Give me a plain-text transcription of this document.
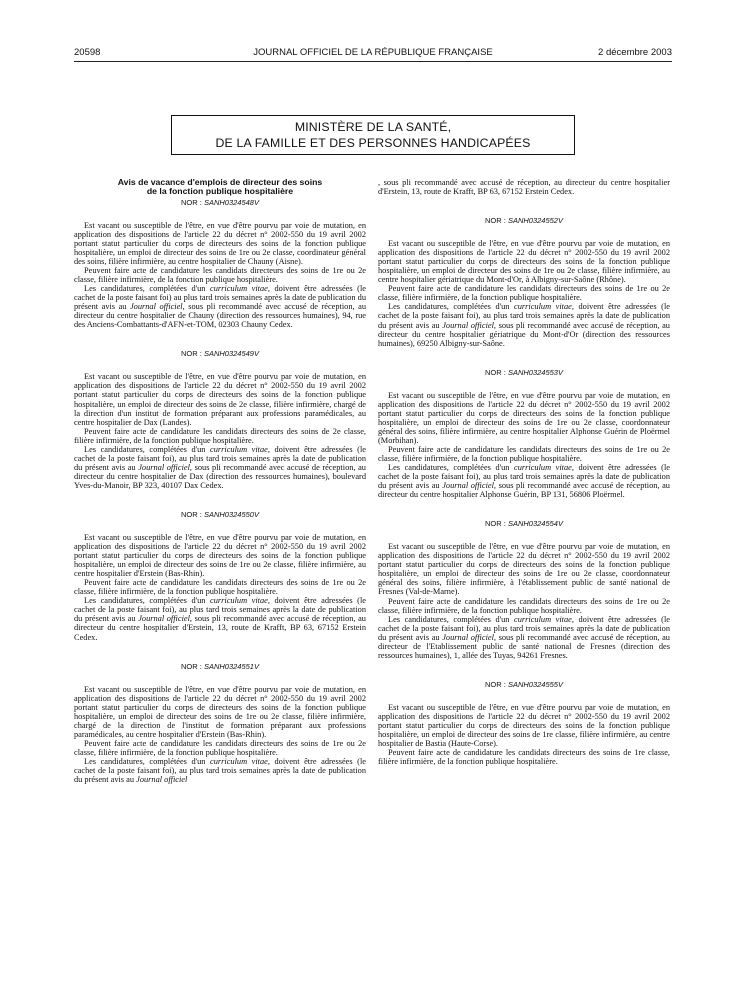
20598	JOURNAL OFFICIEL DE LA RÉPUBLIQUE FRANÇAISE	2 décembre 2003
MINISTÈRE DE LA SANTÉ,
DE LA FAMILLE ET DES PERSONNES HANDICAPÉES
Avis de vacance d'emplois de directeur des soins
de la fonction publique hospitalière
NOR : SANH0324548V

Est vacant ou susceptible de l'être, en vue d'être pourvu par voie de mutation, en application des dispositions de l'article 22 du décret n° 2002-550 du 19 avril 2002 portant statut particulier du corps de directeurs des soins de la fonction publique hospitalière, un emploi de directeur des soins de 1re ou 2e classe, coordinateur général des soins, filière infirmière, au centre hospitalier de Chauny (Aisne).

Peuvent faire acte de candidature les candidats directeurs des soins de 1re ou 2e classe, filière infirmière, de la fonction publique hospitalière.

Les candidatures, complétées d'un curriculum vitae, doivent être adressées (le cachet de la poste faisant foi) au plus tard trois semaines après la date de publication du présent avis au Journal officiel, sous pli recommandé avec accusé de réception, au directeur du centre hospitalier de Chauny (direction des ressources humaines), 94, rue des Anciens-Combattants-d'AFN-et-TOM, 02303 Chauny Cedex.

NOR : SANH0324549V

Est vacant ou susceptible de l'être, en vue d'être pourvu par voie de mutation, en application des dispositions de l'article 22 du décret n° 2002-550 du 19 avril 2002 portant statut particulier du corps de directeurs des soins de la fonction publique hospitalière, un emploi de directeur des soins de 2e classe, filière infirmière, chargé de la direction d'un institut de formation préparant aux professions paramédicales, au centre hospitalier de Dax (Landes).

Peuvent faire acte de candidature les candidats directeurs des soins de 2e classe, filière infirmière, de la fonction publique hospitalière.

Les candidatures, complétées d'un curriculum vitae, doivent être adressées (le cachet de la poste faisant foi), au plus tard trois semaines après la date de publication du présent avis au Journal officiel, sous pli recommandé avec accusé de réception, au directeur du centre hospitalier de Dax (direction des ressources humaines), boulevard Yves-du-Manoir, BP 323, 40107 Dax Cedex.

NOR : SANH0324550V

Est vacant ou susceptible de l'être, en vue d'être pourvu par voie de mutation, en application des dispositions de l'article 22 du décret n° 2002-550 du 19 avril 2002 portant statut particulier du corps de directeurs des soins de la fonction publique hospitalière, un emploi de directeur des soins de 1re ou 2e classe, filière infirmière, au centre hospitalier d'Erstein (Bas-Rhin).

Peuvent faire acte de candidature les candidats directeurs des soins de 1re ou 2e classe, filière infirmière, de la fonction publique hospitalière.

Les candidatures, complétées d'un curriculum vitae, doivent être adressées (le cachet de la poste faisant foi), au plus tard trois semaines après la date de publication du présent avis au Journal officiel, sous pli recommandé avec accusé de réception, au directeur du centre hospitalier d'Erstein, 13, route de Krafft, BP 63, 67152 Erstein Cedex.

NOR : SANH0324551V

Est vacant ou susceptible de l'être, en vue d'être pourvu par voie de mutation, en application des dispositions de l'article 22 du décret n° 2002-550 du 19 avril 2002 portant statut particulier du corps de directeurs des soins de la fonction publique hospitalière, un emploi de directeur des soins de 1re ou 2e classe, filière infirmière, chargé de la direction de l'institut de formation préparant aux professions paramédicales, au centre hospitalier d'Erstein (Bas-Rhin).

Peuvent faire acte de candidature les candidats directeurs des soins de 1re ou 2e classe, filière infirmière, de la fonction publique hospitalière.

Les candidatures, complétées d'un curriculum vitae, doivent être adressées (le cachet de la poste faisant foi), au plus tard trois semaines après la date de publication du présent avis au Journal officiel

, sous pli recommandé avec accusé de réception, au directeur du centre hospitalier d'Erstein, 13, route de Krafft, BP 63, 67152 Erstein Cedex.

NOR : SANH0324552V

Est vacant ou susceptible de l'être, en vue d'être pourvu par voie de mutation, en application des dispositions de l'article 22 du décret n° 2002-550 du 19 avril 2002 portant statut particulier du corps de directeurs des soins de la fonction publique hospitalière, un emploi de directeur des soins de 1re ou 2e classe, filière infirmière, au centre hospitalier gériatrique du Mont-d'Or, à Albigny-sur-Saône (Rhône).

Peuvent faire acte de candidature les candidats directeurs des soins de 1re ou 2e classe, filière infirmière, de la fonction publique hospitalière.

Les candidatures, complétées d'un curriculum vitae, doivent être adressées (le cachet de la poste faisant foi), au plus tard trois semaines après la date de publication du présent avis au Journal officiel, sous pli recommandé avec accusé de réception, au directeur du centre hospitalier gériatrique du Mont-d'Or (direction des ressources humaines), 69250 Albigny-sur-Saône.

NOR : SANH0324553V

Est vacant ou susceptible de l'être, en vue d'être pourvu par voie de mutation, en application des dispositions de l'article 22 du décret n° 2002-550 du 19 avril 2002 portant statut particulier du corps de directeurs des soins de la fonction publique hospitalière, un emploi de directeur des soins de 1re ou 2e classe, coordonnateur général des soins, filière infirmière, au centre hospitalier Alphonse Guérin de Ploërmel (Morbihan).

Peuvent faire acte de candidature les candidats directeurs des soins de 1re ou 2e classe, filière infirmière, de la fonction publique hospitalière.

Les candidatures, complétées d'un curriculum vitae, doivent être adressées (le cachet de la poste faisant foi), au plus tard trois semaines après la date de publication du présent avis au Journal officiel, sous pli recommandé avec accusé de réception, au directeur du centre hospitalier Alphonse Guérin, BP 131, 56806 Ploërmel.

NOR : SANH0324554V

Est vacant ou susceptible de l'être, en vue d'être pourvu par voie de mutation, en application des dispositions de l'article 22 du décret n° 2002-550 du 19 avril 2002 portant statut particulier du corps de directeurs des soins de la fonction publique hospitalière, un emploi de directeur des soins de 1re ou 2e classe, coordonnateur général des soins, filière infirmière, à l'établissement public de santé national de Fresnes (Val-de-Marne).

Peuvent faire acte de candidature les candidats directeurs des soins de 1re ou 2e classe, filière infirmière, de la fonction publique hospitalière.

Les candidatures, complétées d'un curriculum vitae, doivent être adressées (le cachet de la poste faisant foi), au plus tard trois semaines après la date de publication du présent avis au Journal officiel, sous pli recommandé avec accusé de réception, au directeur de l'Etablissement public de santé national de Fresnes (direction des ressources humaines), 1, allée des Tuyas, 94261 Fresnes.

NOR : SANH0324555V

Est vacant ou susceptible de l'être, en vue d'être pourvu par voie de mutation, en application des dispositions de l'article 22 du décret n° 2002-550 du 19 avril 2002 portant statut particulier du corps de directeurs des soins de la fonction publique hospitalière, un emploi de directeur des soins de 1re classe, filière infirmière, au centre hospitalier de Bastia (Haute-Corse).

Peuvent faire acte de candidature les candidats directeurs des soins de 1re classe, filière infirmière, de la fonction publique hospitalière.
